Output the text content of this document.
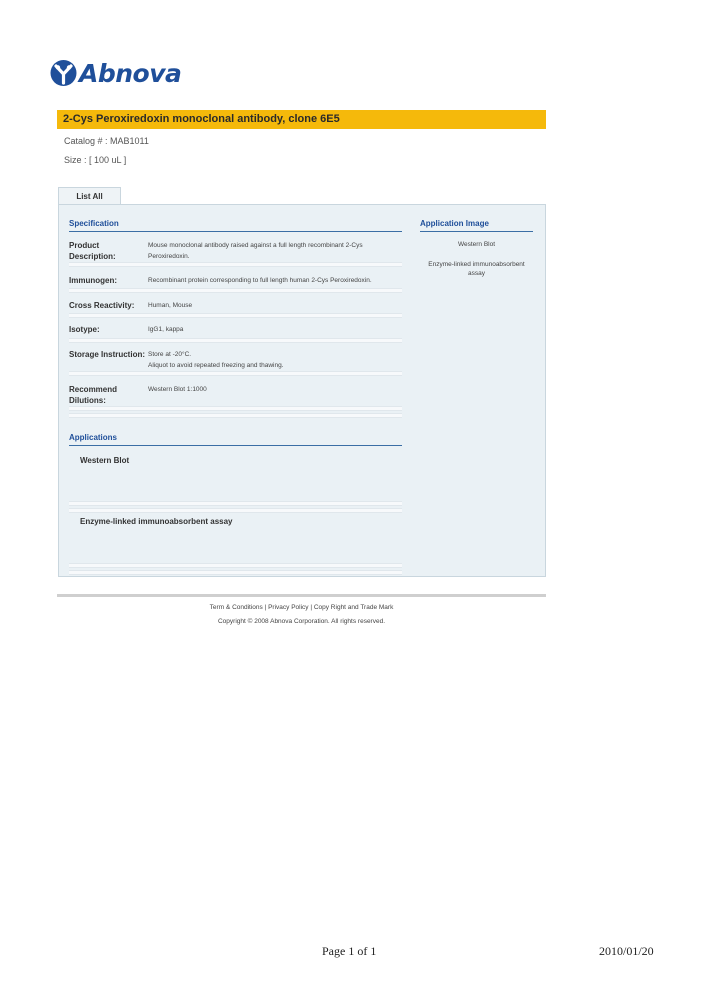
Abnova
2-Cys Peroxiredoxin monoclonal antibody, clone 6E5
Catalog # : MAB1011
Size : [ 100 uL ]
List All
Specification
Product Description:
Mouse monoclonal antibody raised against a full length recombinant 2-Cys Peroxiredoxin.
Immunogen:	Recombinant protein corresponding to full length human 2-Cys Peroxiredoxin.
Cross Reactivity:	Human, Mouse
Isotype:	IgG1, kappa
Storage Instruction: Store at -20°C.
Aliquot to avoid repeated freezing and thawing.
Recommend Dilutions:
Western Blot 1:1000
Applications
Western Blot
Enzyme-linked immunoabsorbent assay
Application Image
Western Blot
Enzyme-linked immunoabsorbent assay
Term & Conditions | Privacy Policy | Copy Right and Trade Mark
Copyright © 2008 Abnova Corporation. All rights reserved.
Page 1 of 1	2010/01/20
